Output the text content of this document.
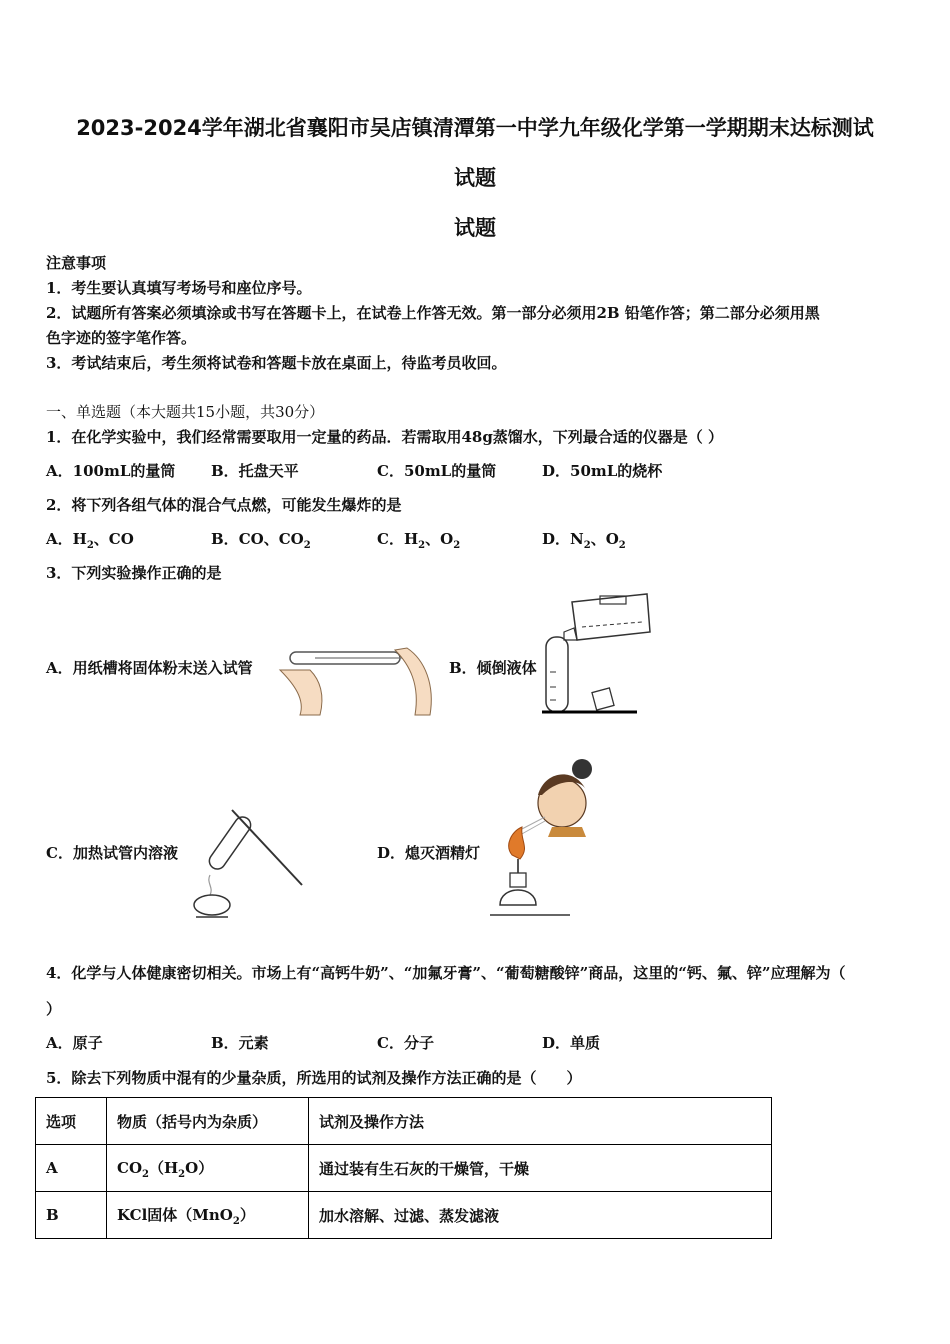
2023-2024学年湖北省襄阳市吴店镇清潭第一中学九年级化学第一学期期末达标测试
试题
试题
注意事项
1．考生要认真填写考场号和座位序号。
2．试题所有答案必须填涂或书写在答题卡上，在试卷上作答无效。第一部分必须用2B 铅笔作答；第二部分必须用黑
色字迹的签字笔作答。
3．考试结束后，考生须将试卷和答题卡放在桌面上，待监考员收回。
一、单选题（本大题共15小题，共30分）
1．在化学实验中，我们经常需要取用一定量的药品．若需取用48g蒸馏水，下列最合适的仪器是（ ）
A．100mL的量筒 B．托盘天平	C．50mL的量筒	D．50mL的烧杯
2．将下列各组气体的混合气点燃，可能发生爆炸的是
A．$H_2$、CO	B．CO、$CO_2$	C．$H_2$、$O_2$	D．$N_2$、$O_2$
3．下列实验操作正确的是
A．用纸槽将固体粉末送入试管	B．倾倒液体
C．加热试管内溶液	D．熄灭酒精灯
4．化学与人体健康密切相关。市场上有“高钙牛奶”、“加氟牙膏”、“葡萄糖酸锌”商品，这里的“钙、氟、锌”应理解为（
）
A．原子	B．元素	C．分子	D．单质
5．除去下列物质中混有的少量杂质，所选用的试剂及操作方法正确的是（　　）
选项	物质（括号内为杂质）	试剂及操作方法
A	$CO_2(H_2O)$	通过装有生石灰的干燥管，干燥
B	KCl固体（MnO$_2$）	加水溶解、过滤、蒸发滤液
